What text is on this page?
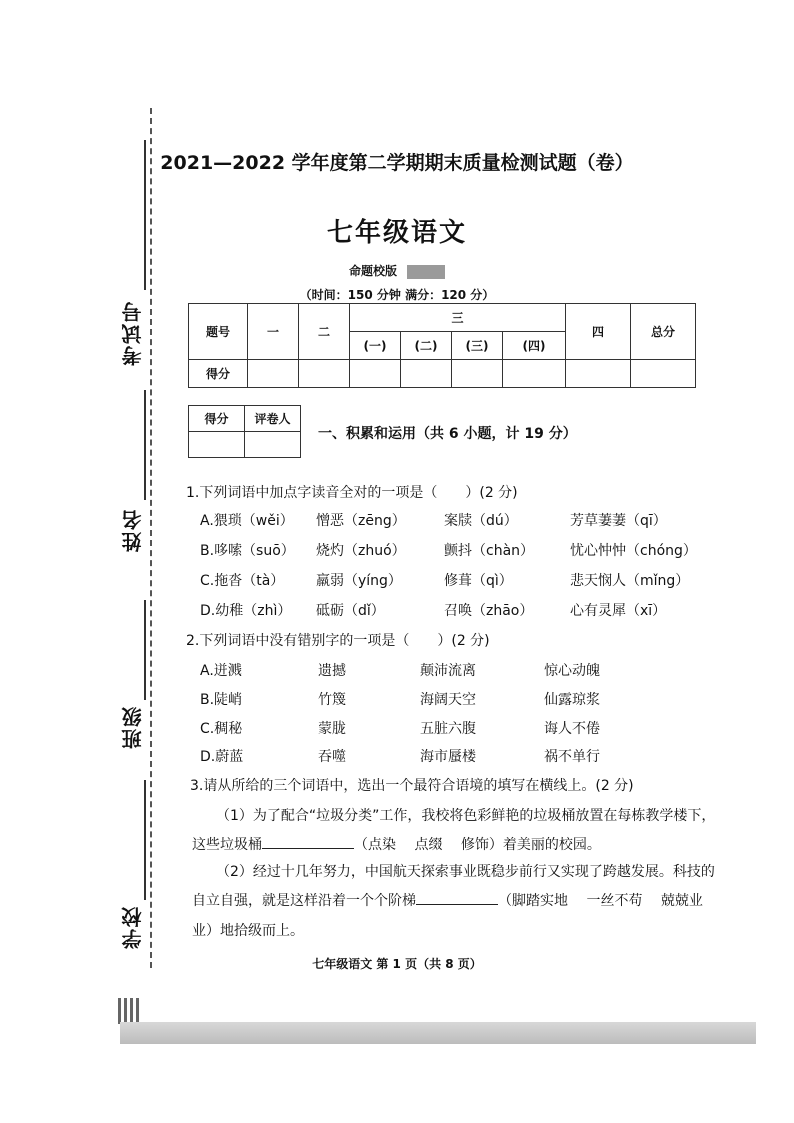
考试号
姓名
班级
学校
2021—2022 学年度第二学期期末质量检测试题（卷）
七年级语文
命题校版
（时间：150 分钟 满分：120 分）
题号	一	二	三				四	总分
			(一)	(二)	(三)	(四)		
得分								
得分	评卷人

一、积累和运用（共 6 小题，计 19 分）
1.下列词语中加点字读音全对的一项是（　　）(2 分)
A.猥琐（wěi） 憎恶（zēng）	案牍（dú）	芳草萋萋（qī）
B.哆嗦（suō） 烧灼（zhuó）	颤抖（chàn）	忧心忡忡（chóng）
C.拖沓（tà） 羸弱（yíng）	修葺（qì）	悲天悯人（mǐng）
D.幼稚（zhì） 砥砺（dǐ）	召唤（zhāo）	心有灵犀（xī）
2.下列词语中没有错别字的一项是（　　）(2 分)
A.迸溅	遗撼	颠沛流离	惊心动魄
B.陡峭	竹篾	海阔天空	仙露琼浆
C.稠秘	蒙胧	五脏六腹	诲人不倦
D.蔚蓝	吞噬	海市蜃楼	祸不单行
3.请从所给的三个词语中，选出一个最符合语境的填写在横线上。(2 分)
（1）为了配合“垃圾分类”工作，我校将色彩鲜艳的垃圾桶放置在每栋教学楼下，
这些垃圾桶	（点染　 点缀　 修饰）着美丽的校园。
（2）经过十几年努力，中国航天探索事业既稳步前行又实现了跨越发展。科技的
自立自强，就是这样沿着一个个阶梯	（脚踏实地　 一丝不苟　 兢兢业
业）地拾级而上。
七年级语文 第 1 页（共 8 页）
